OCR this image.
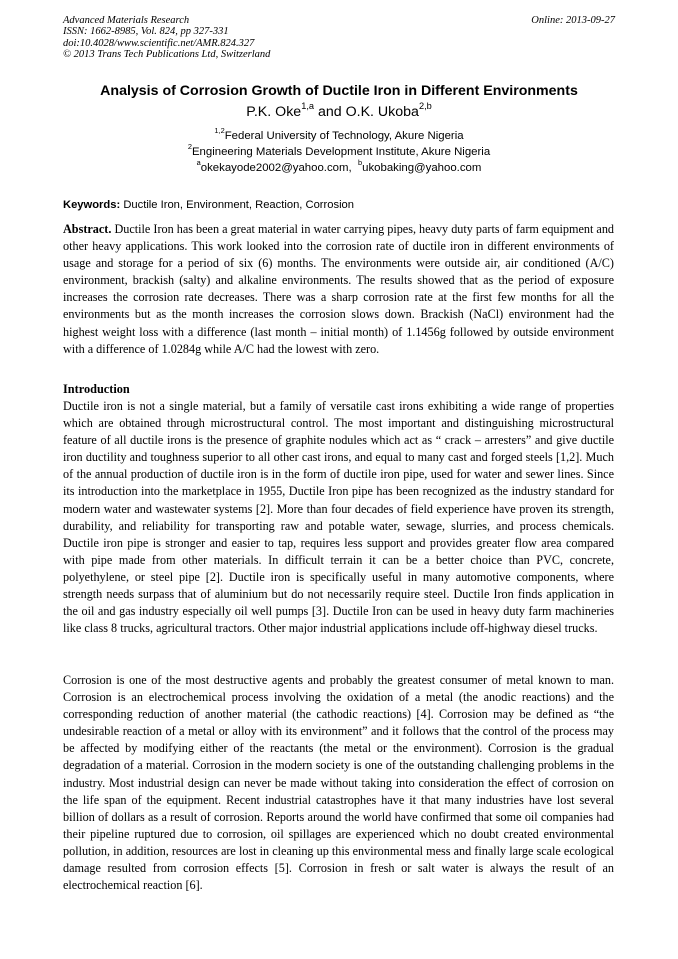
Advanced Materials Research
ISSN: 1662-8985, Vol. 824, pp 327-331
doi:10.4028/www.scientific.net/AMR.824.327
© 2013 Trans Tech Publications Ltd, Switzerland
Online: 2013-09-27
Analysis of Corrosion Growth of Ductile Iron in Different Environments
P.K. Oke$^{1,a}$ and O.K. Ukoba$^{2,b}$
$^{1,2}$Federal University of Technology, Akure Nigeria
$^2$Engineering Materials Development Institute, Akure Nigeria
$^a$okekayode2002@yahoo.com, $^b$ukobaking@yahoo.com
Keywords: Ductile Iron, Environment, Reaction, Corrosion
Abstract. Ductile Iron has been a great material in water carrying pipes, heavy duty parts of farm equipment and other heavy applications. This work looked into the corrosion rate of ductile iron in different environments of usage and storage for a period of six (6) months. The environments were outside air, air conditioned (A/C) environment, brackish (salty) and alkaline environments. The results showed that as the period of exposure increases the corrosion rate decreases. There was a sharp corrosion rate at the first few months for all the environments but as the month increases the corrosion slows down. Brackish (NaCl) environment had the highest weight loss with a difference (last month – initial month) of 1.1456g followed by outside environment with a difference of 1.0284g while A/C had the lowest with zero.
Introduction
Ductile iron is not a single material, but a family of versatile cast irons exhibiting a wide range of properties which are obtained through microstructural control. The most important and distinguishing microstructural feature of all ductile irons is the presence of graphite nodules which act as “ crack – arresters” and give ductile iron ductility and toughness superior to all other cast irons, and equal to many cast and forged steels [1,2]. Much of the annual production of ductile iron is in the form of ductile iron pipe, used for water and sewer lines. Since its introduction into the marketplace in 1955, Ductile Iron pipe has been recognized as the industry standard for modern water and wastewater systems [2]. More than four decades of field experience have proven its strength, durability, and reliability for transporting raw and potable water, sewage, slurries, and process chemicals. Ductile iron pipe is stronger and easier to tap, requires less support and provides greater flow area compared with pipe made from other materials. In difficult terrain it can be a better choice than PVC, concrete, polyethylene, or steel pipe [2]. Ductile iron is specifically useful in many automotive components, where strength needs surpass that of aluminium but do not necessarily require steel. Ductile Iron finds application in the oil and gas industry especially oil well pumps [3]. Ductile Iron can be used in heavy duty farm machineries like class 8 trucks, agricultural tractors. Other major industrial applications include off-highway diesel trucks.
Corrosion is one of the most destructive agents and probably the greatest consumer of metal known to man. Corrosion is an electrochemical process involving the oxidation of a metal (the anodic reactions) and the corresponding reduction of another material (the cathodic reactions) [4]. Corrosion may be defined as “the undesirable reaction of a metal or alloy with its environment” and it follows that the control of the process may be affected by modifying either of the reactants (the metal or the environment). Corrosion is the gradual degradation of a material. Corrosion in the modern society is one of the outstanding challenging problems in the industry. Most industrial design can never be made without taking into consideration the effect of corrosion on the life span of the equipment. Recent industrial catastrophes have it that many industries have lost several billion of dollars as a result of corrosion. Reports around the world have confirmed that some oil companies had their pipeline ruptured due to corrosion, oil spillages are experienced which no doubt created environmental pollution, in addition, resources are lost in cleaning up this environmental mess and finally large scale ecological damage resulted from corrosion effects [5]. Corrosion in fresh or salt water is always the result of an electrochemical reaction [6].
